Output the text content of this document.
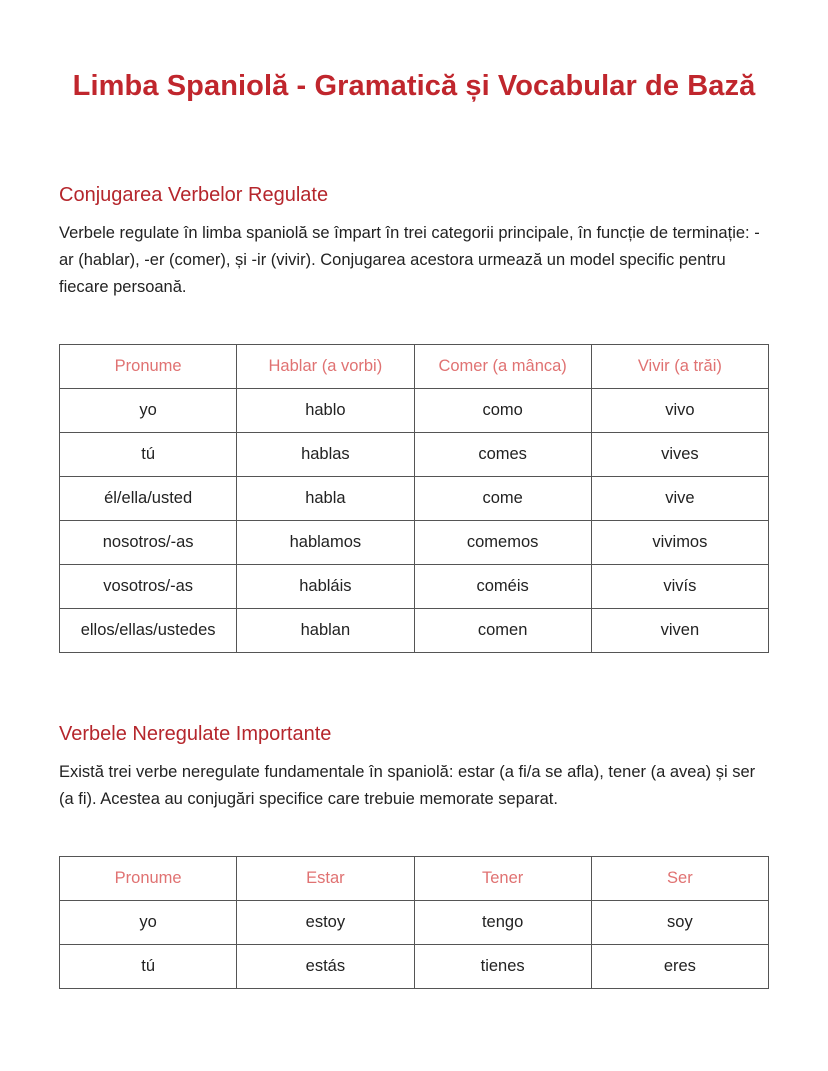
Limba Spaniolă - Gramatică și Vocabular de Bază
Conjugarea Verbelor Regulate

Verbele regulate în limba spaniolă se împart în trei categorii principale, în funcție de terminație: -ar (hablar), -er (comer), și -ir (vivir). Conjugarea acestora urmează un model specific pentru fiecare persoană.

Pronume	Hablar (a vorbi)	Comer (a mânca)	Vivir (a trăi)
yo	hablo	como	vivo
tú	hablas	comes	vives
él/ella/usted	habla	come	vive
nosotros/-as	hablamos	comemos	vivimos
vosotros/-as	habláis	coméis	vivís
ellos/ellas/ustedes	hablan	comen	viven
Verbele Neregulate Importante

Există trei verbe neregulate fundamentale în spaniolă: estar (a fi/a se afla), tener (a avea) și ser (a fi). Acestea au conjugări specifice care trebuie memorate separat.

Pronume	Estar	Tener	Ser
yo	estoy	tengo	soy
tú	estás	tienes	eres
